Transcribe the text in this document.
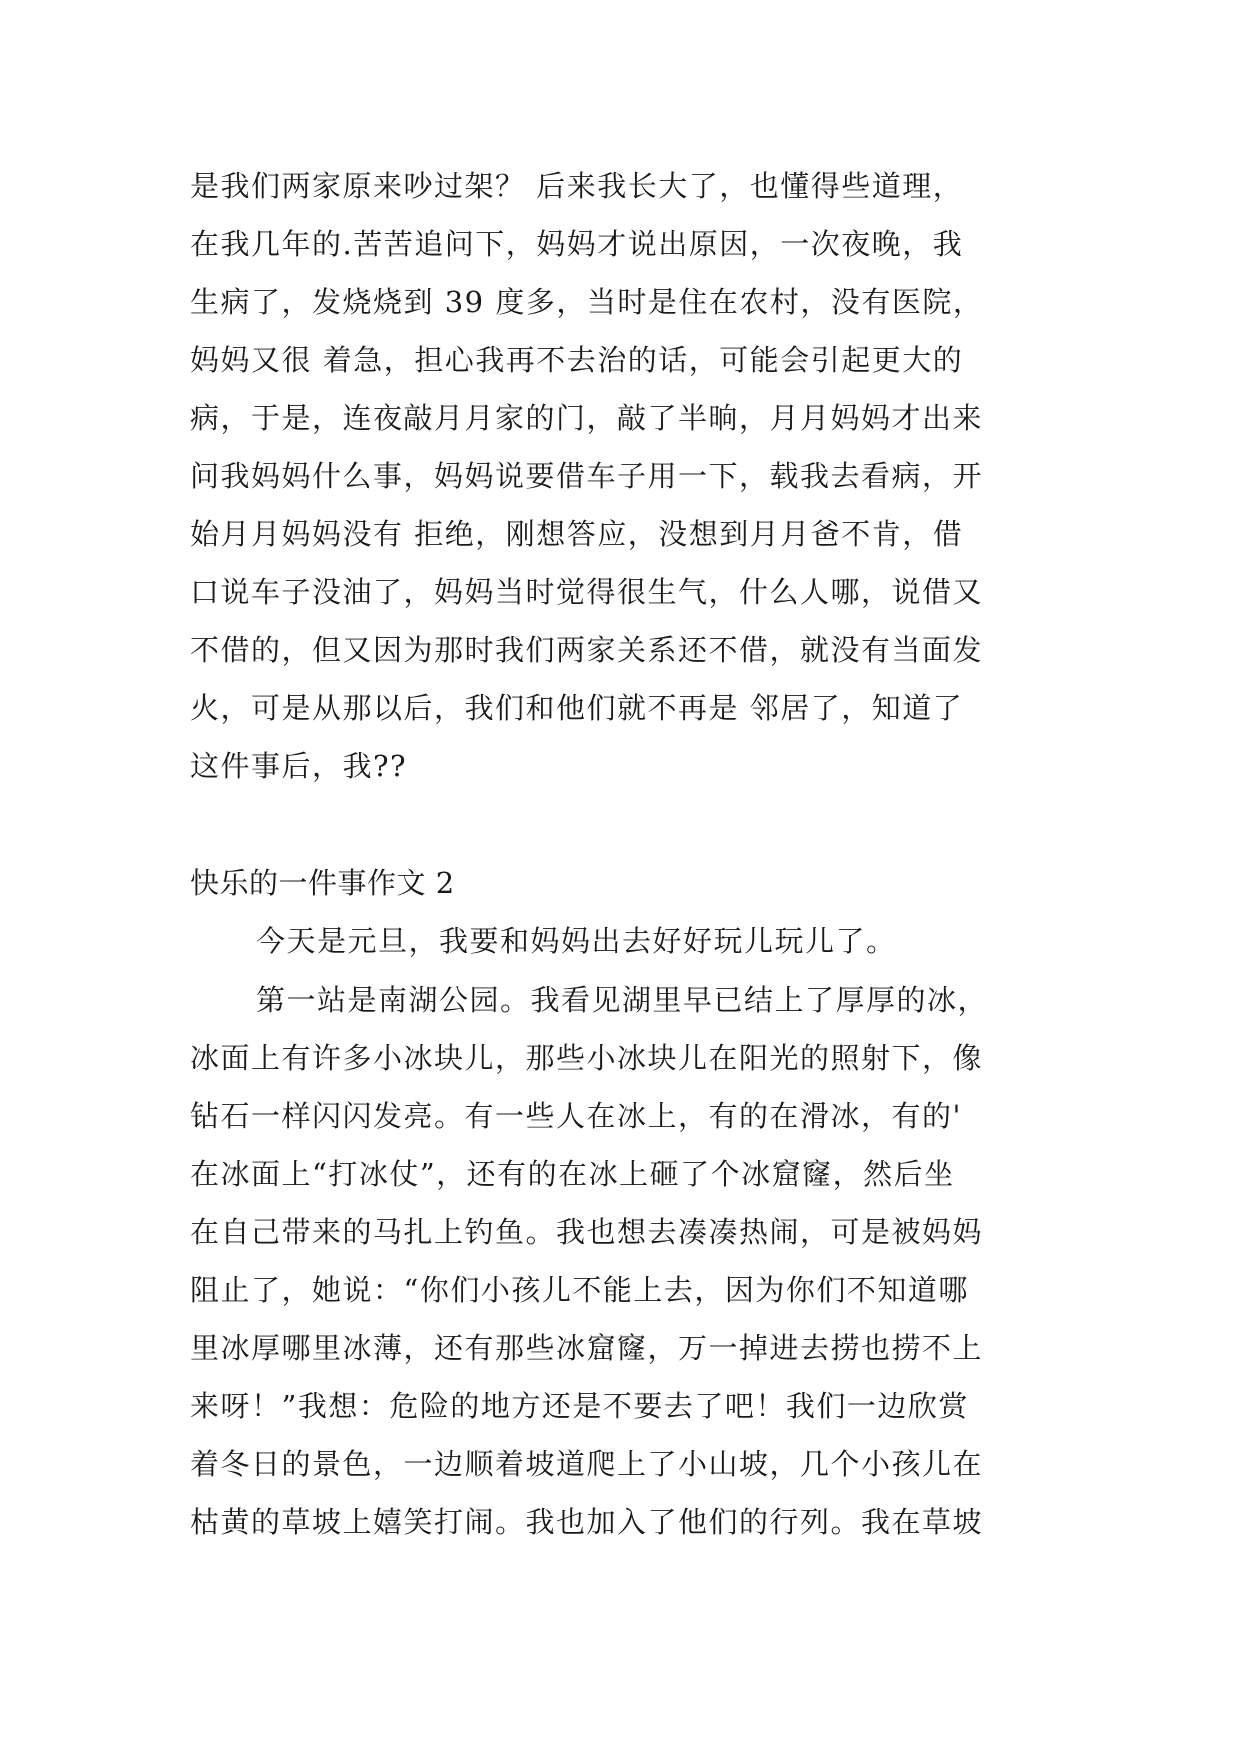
是我们两家原来吵过架？ 后来我长大了，也懂得些道理，
在我几年的.苦苦追问下，妈妈才说出原因，一次夜晚，我
生病了，发烧烧到 39 度多，当时是住在农村，没有医院，
妈妈又很 着急，担心我再不去治的话，可能会引起更大的
病，于是，连夜敲月月家的门，敲了半晌，月月妈妈才出来
问我妈妈什么事，妈妈说要借车子用一下，载我去看病，开
始月月妈妈没有 拒绝，刚想答应，没想到月月爸不肯，借
口说车子没油了，妈妈当时觉得很生气，什么人哪，说借又
不借的，但又因为那时我们两家关系还不借，就没有当面发
火，可是从那以后，我们和他们就不再是 邻居了，知道了
这件事后，我??
快乐的一件事作文 2
今天是元旦，我要和妈妈出去好好玩儿玩儿了。
第一站是南湖公园。我看见湖里早已结上了厚厚的冰，
冰面上有许多小冰块儿，那些小冰块儿在阳光的照射下，像
钻石一样闪闪发亮。有一些人在冰上，有的在滑冰，有的'
在冰面上“打冰仗”，还有的在冰上砸了个冰窟窿，然后坐
在自己带来的马扎上钓鱼。我也想去凑凑热闹，可是被妈妈
阻止了，她说：“你们小孩儿不能上去，因为你们不知道哪
里冰厚哪里冰薄，还有那些冰窟窿，万一掉进去捞也捞不上
来呀！”我想：危险的地方还是不要去了吧！我们一边欣赏
着冬日的景色，一边顺着坡道爬上了小山坡，几个小孩儿在
枯黄的草坡上嬉笑打闹。我也加入了他们的行列。我在草坡
